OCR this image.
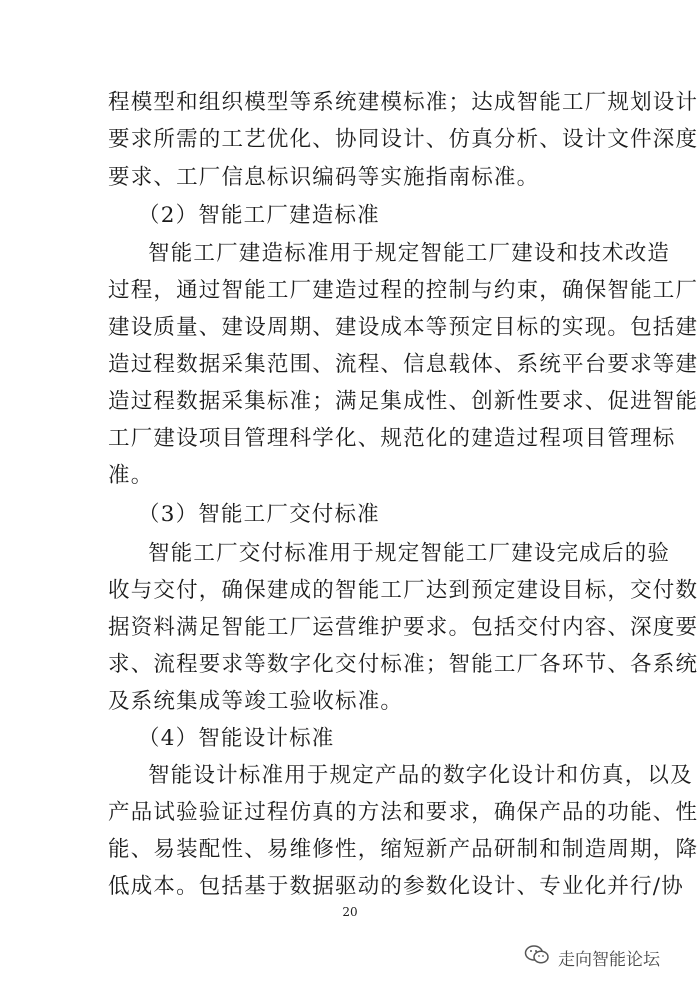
程模型和组织模型等系统建模标准；达成智能工厂规划设计
要求所需的工艺优化、协同设计、仿真分析、设计文件深度
要求、工厂信息标识编码等实施指南标准。
（2）智能工厂建造标准
智能工厂建造标准用于规定智能工厂建设和技术改造
过程，通过智能工厂建造过程的控制与约束，确保智能工厂
建设质量、建设周期、建设成本等预定目标的实现。包括建
造过程数据采集范围、流程、信息载体、系统平台要求等建
造过程数据采集标准；满足集成性、创新性要求、促进智能
工厂建设项目管理科学化、规范化的建造过程项目管理标
准。
（3）智能工厂交付标准
智能工厂交付标准用于规定智能工厂建设完成后的验
收与交付，确保建成的智能工厂达到预定建设目标，交付数
据资料满足智能工厂运营维护要求。包括交付内容、深度要
求、流程要求等数字化交付标准；智能工厂各环节、各系统
及系统集成等竣工验收标准。
（4）智能设计标准
智能设计标准用于规定产品的数字化设计和仿真，以及
产品试验验证过程仿真的方法和要求，确保产品的功能、性
能、易装配性、易维修性，缩短新产品研制和制造周期，降
低成本。包括基于数据驱动的参数化设计、专业化并行/协
20
走向智能论坛
